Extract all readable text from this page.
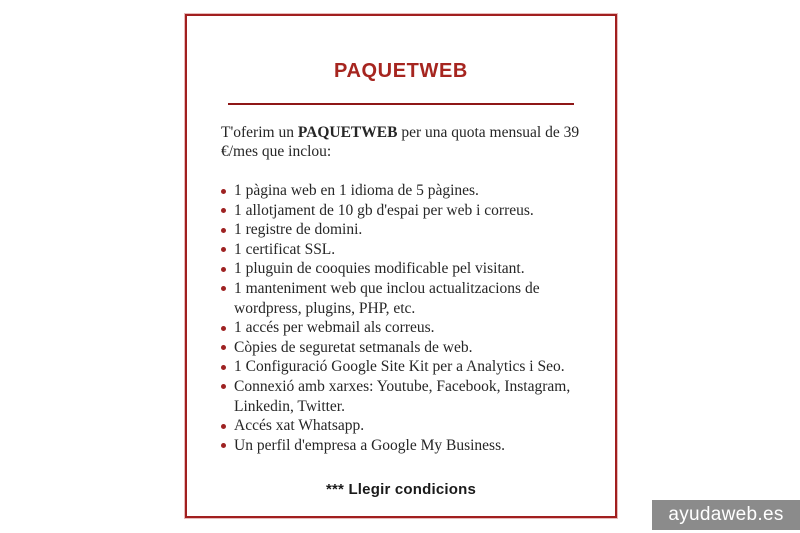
PAQUETWEB

T'oferim un PAQUETWEB per una quota mensual de 39 €/mes que inclou:

1 pàgina web en 1 idioma de 5 pàgines.
1 allotjament de 10 gb d'espai per web i correus.
1 registre de domini.
1 certificat SSL.
1 pluguin de cooquies modificable pel visitant.
1 manteniment web que inclou actualitzacions de wordpress, plugins, PHP, etc.
1 accés per webmail als correus.
Còpies de seguretat setmanals de web.
1 Configuració Google Site Kit per a Analytics i Seo.
Connexió amb xarxes: Youtube, Facebook, Instagram, Linkedin, Twitter.
Accés xat Whatsapp.
Un perfil d'empresa a Google My Business.

*** Llegir condicions

ayudaweb.es
